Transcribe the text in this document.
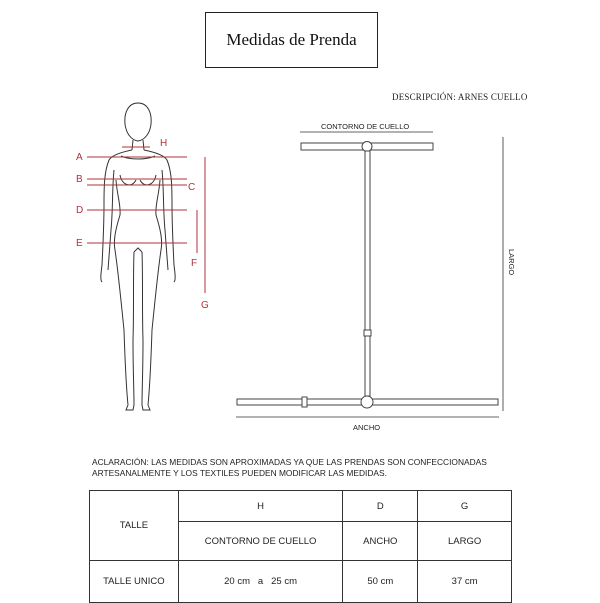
Medidas de Prenda
DESCRIPCIÓN: ARNES CUELLO
H
A
B
C
D
E
F
G
CONTORNO DE CUELLO
ANCHO
LARGO
ACLARACIÓN: LAS MEDIDAS SON APROXIMADAS YA QUE LAS PRENDAS SON CONFECCIONADAS
ARTESANALMENTE Y LOS TEXTILES PUEDEN MODIFICAR LAS MEDIDAS.
TALLE	H	D	G
	CONTORNO DE CUELLO	ANCHO	LARGO
TALLE UNICO	20 cm   a   25 cm	50 cm	37 cm
